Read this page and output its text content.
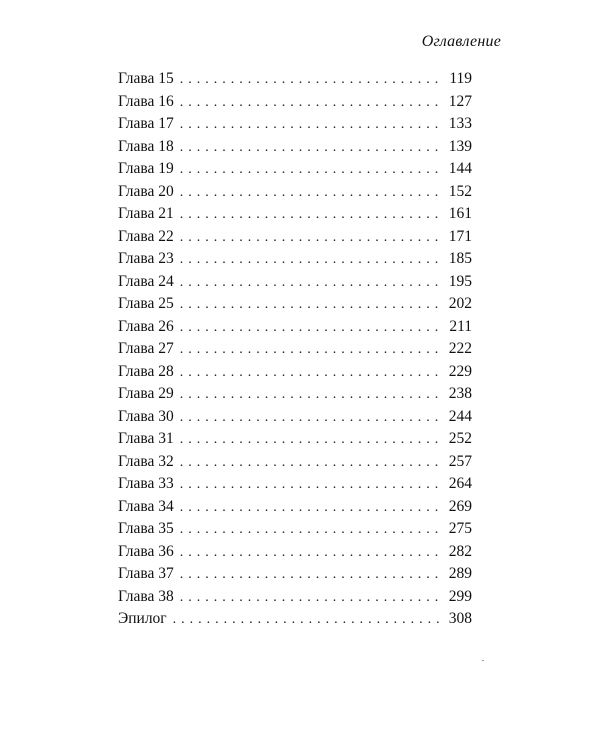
Оглавление
Глава 15 . . .	119
Глава 16 . . .	127
Глава 17 . . .	133
Глава 18 . . .	139
Глава 19 . . .	144
Глава 20 . . .	152
Глава 21 . . .	161
Глава 22 . . .	171
Глава 23 . . .	185
Глава 24 . . .	195
Глава 25 . . .	202
Глава 26 . . .	211
Глава 27 . . .	222
Глава 28 . . .	229
Глава 29 . . .	238
Глава 30 . . .	244
Глава 31 . . .	252
Глава 32 . . .	257
Глава 33 . . .	264
Глава 34 . . .	269
Глава 35 . . .	275
Глава 36 . . .	282
Глава 37 . . .	289
Глава 38 . . .	299
Эпилог . . .	308
